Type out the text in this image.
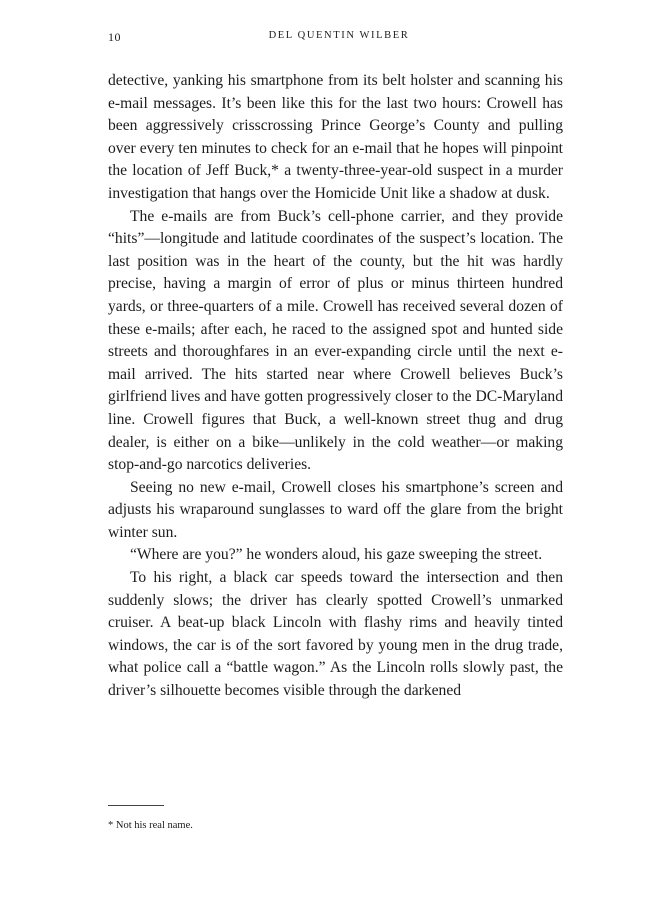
10	DEL QUENTIN WILBER

detective, yanking his smartphone from its belt holster and scanning his e-mail messages. It’s been like this for the last two hours: Crowell has been aggressively crisscrossing Prince George’s County and pulling over every ten minutes to check for an e-mail that he hopes will pinpoint the location of Jeff Buck,* a twenty-three-year-old suspect in a murder investigation that hangs over the Homicide Unit like a shadow at dusk.

The e-mails are from Buck’s cell-phone carrier, and they provide “hits”—longitude and latitude coordinates of the suspect’s location. The last position was in the heart of the county, but the hit was hardly precise, having a margin of error of plus or minus thirteen hundred yards, or three-quarters of a mile. Crowell has received several dozen of these e-mails; after each, he raced to the assigned spot and hunted side streets and thoroughfares in an ever-expanding circle until the next e-mail arrived. The hits started near where Crowell believes Buck’s girlfriend lives and have gotten progressively closer to the DC-Maryland line. Crowell figures that Buck, a well-known street thug and drug dealer, is either on a bike—unlikely in the cold weather—or making stop-and-go narcotics deliveries.

Seeing no new e-mail, Crowell closes his smartphone’s screen and adjusts his wraparound sunglasses to ward off the glare from the bright winter sun.

“Where are you?” he wonders aloud, his gaze sweeping the street.

To his right, a black car speeds toward the intersection and then suddenly slows; the driver has clearly spotted Crowell’s unmarked cruiser. A beat-up black Lincoln with flashy rims and heavily tinted windows, the car is of the sort favored by young men in the drug trade, what police call a “battle wagon.” As the Lincoln rolls slowly past, the driver’s silhouette becomes visible through the darkened

* Not his real name.
